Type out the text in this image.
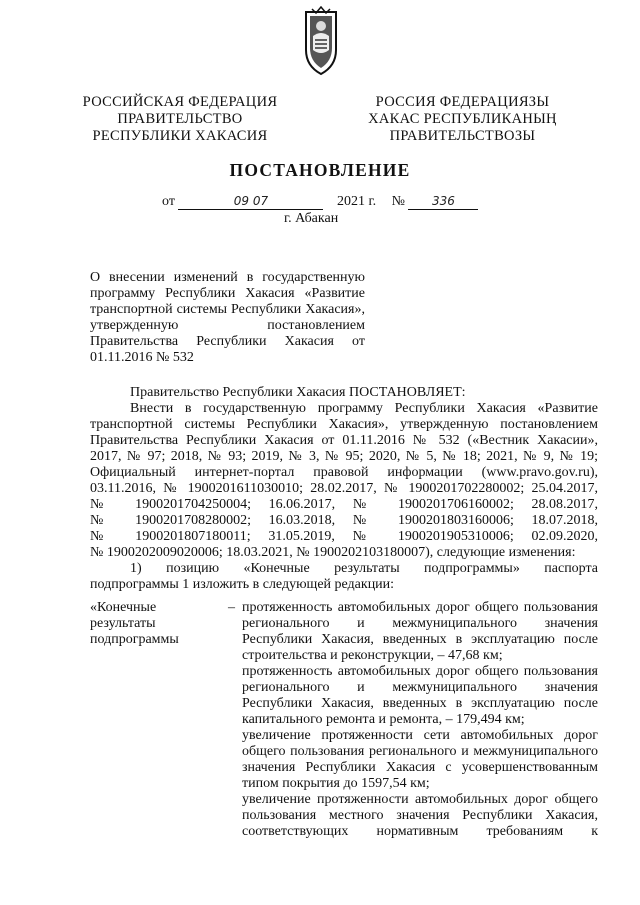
РОССИЙСКАЯ ФЕДЕРАЦИЯ
ПРАВИТЕЛЬСТВО
РЕСПУБЛИКИ ХАКАСИЯ
РОССИЯ ФЕДЕРАЦИЯЗЫ
ХАКАС РЕСПУБЛИКАНЫҢ
ПРАВИТЕЛЬСТВОЗЫ
ПОСТАНОВЛЕНИЕ
от	09 07	2021 г. № 336
г. Абакан
О внесении изменений в государственную программу Республики Хакасия «Развитие транспортной системы Республики Хакасия», утвержденную постановлением Правительства Республики Хакасия от 01.11.2016 № 532
Правительство Республики Хакасия ПОСТАНОВЛЯЕТ:
Внести в государственную программу Республики Хакасия «Развитие
транспортной системы Республики Хакасия», утвержденную постановлением
Правительства Республики Хакасия от 01.11.2016 № 532 («Вестник Хакасии»,
2017, № 97; 2018, № 93; 2019, № 3, № 95; 2020, № 5, № 18; 2021, № 9, № 19;
Официальный интернет-портал правовой информации (www.pravo.gov.ru),
03.11.2016, № 1900201611030010; 28.02.2017, № 1900201702280002; 25.04.2017,
№ 1900201704250004; 16.06.2017, № 1900201706160002; 28.08.2017,
№ 1900201708280002; 16.03.2018, № 1900201803160006; 18.07.2018,
№ 1900201807180011; 31.05.2019, № 1900201905310006; 02.09.2020,
№ 1900202009020006; 18.03.2021, № 1900202103180007), следующие изменения:
1) позицию «Конечные результаты подпрограммы» паспорта
подпрограммы 1 изложить в следующей редакции:
«Конечные
результаты
подпрограммы
– протяженность автомобильных дорог общего пользования
регионального и межмуниципального значения
Республики Хакасия, введенных в эксплуатацию после
строительства и реконструкции, – 47,68 км;

протяженность автомобильных дорог общего пользования
регионального и межмуниципального значения
Республики Хакасия, введенных в эксплуатацию после
капитального ремонта и ремонта, – 179,494 км;

увеличение протяженности сети автомобильных дорог
общего пользования регионального и межмуниципального
значения Республики Хакасия с усовершенствованным
типом покрытия до 1597,54 км;

увеличение протяженности автомобильных дорог общего
пользования местного значения Республики Хакасия,
соответствующих нормативным требованиям к
